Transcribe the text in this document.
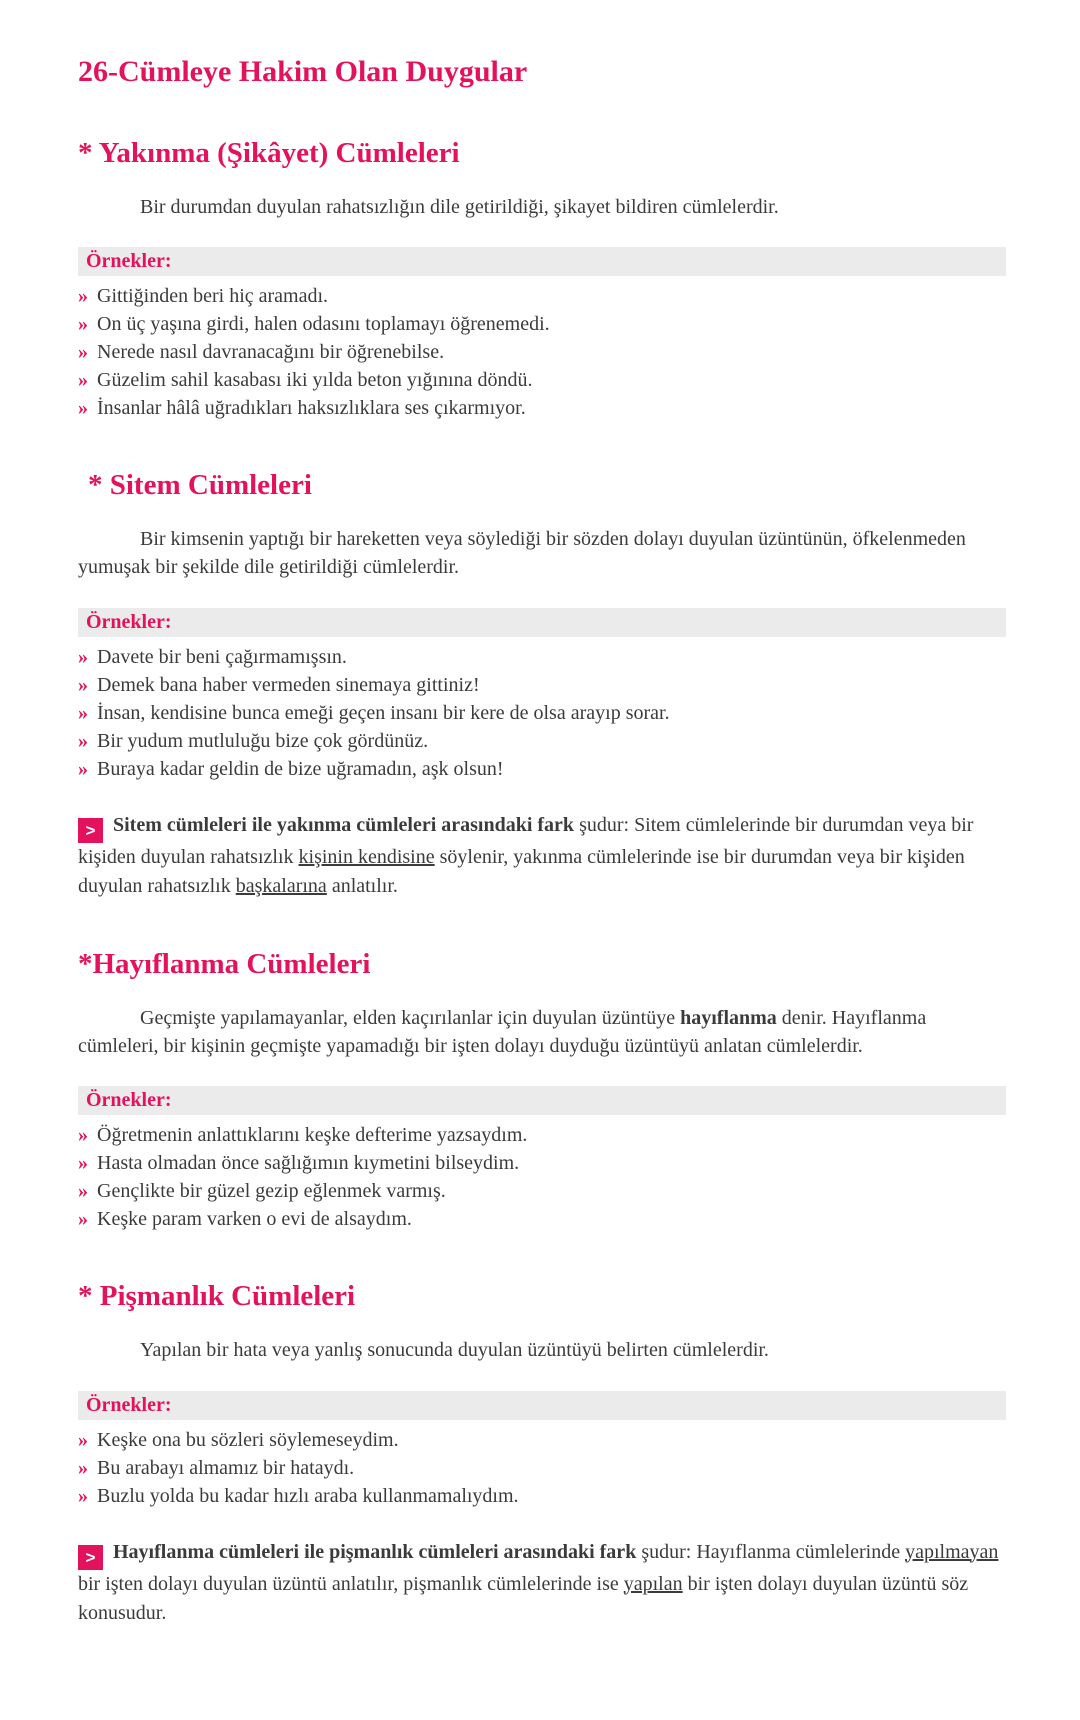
26-Cümleye Hakim Olan Duygular
* Yakınma (Şikâyet) Cümleleri

Bir durumdan duyulan rahatsızlığın dile getirildiği, şikayet bildiren cümlelerdir.

Örnekler:
» Gittiğinden beri hiç aramadı.
» On üç yaşına girdi, halen odasını toplamayı öğrenemedi.
» Nerede nasıl davranacağını bir öğrenebilse.
» Güzelim sahil kasabası iki yılda beton yığınına döndü.
» İnsanlar hâlâ uğradıkları haksızlıklara ses çıkarmıyor.
* Sitem Cümleleri

Bir kimsenin yaptığı bir hareketten veya söylediği bir sözden dolayı duyulan üzüntünün, öfkelenmeden yumuşak bir şekilde dile getirildiği cümlelerdir.

Örnekler:
» Davete bir beni çağırmamışsın.
» Demek bana haber vermeden sinemaya gittiniz!
» İnsan, kendisine bunca emeği geçen insanı bir kere de olsa arayıp sorar.
» Bir yudum mutluluğu bize çok gördünüz.
» Buraya kadar geldin de bize uğramadın, aşk olsun!

> Sitem cümleleri ile yakınma cümleleri arasındaki fark şudur: Sitem cümlelerinde bir durumdan veya bir kişiden duyulan rahatsızlık kişinin kendisine söylenir, yakınma cümlelerinde ise bir durumdan veya bir kişiden duyulan rahatsızlık başkalarına anlatılır.

*Hayıflanma Cümleleri

Geçmişte yapılamayanlar, elden kaçırılanlar için duyulan üzüntüye hayıflanma denir. Hayıflanma cümleleri, bir kişinin geçmişte yapamadığı bir işten dolayı duyduğu üzüntüyü anlatan cümlelerdir.

Örnekler:
» Öğretmenin anlattıklarını keşke defterime yazsaydım.
» Hasta olmadan önce sağlığımın kıymetini bilseydim.
» Gençlikte bir güzel gezip eğlenmek varmış.
» Keşke param varken o evi de alsaydım.
* Pişmanlık Cümleleri

Yapılan bir hata veya yanlış sonucunda duyulan üzüntüyü belirten cümlelerdir.

Örnekler:
» Keşke ona bu sözleri söylemeseydim.
» Bu arabayı almamız bir hataydı.
» Buzlu yolda bu kadar hızlı araba kullanmamalıydım.

> Hayıflanma cümleleri ile pişmanlık cümleleri arasındaki fark şudur: Hayıflanma cümlelerinde yapılmayan bir işten dolayı duyulan üzüntü anlatılır, pişmanlık cümlelerinde ise yapılan bir işten dolayı duyulan üzüntü söz konusudur.
